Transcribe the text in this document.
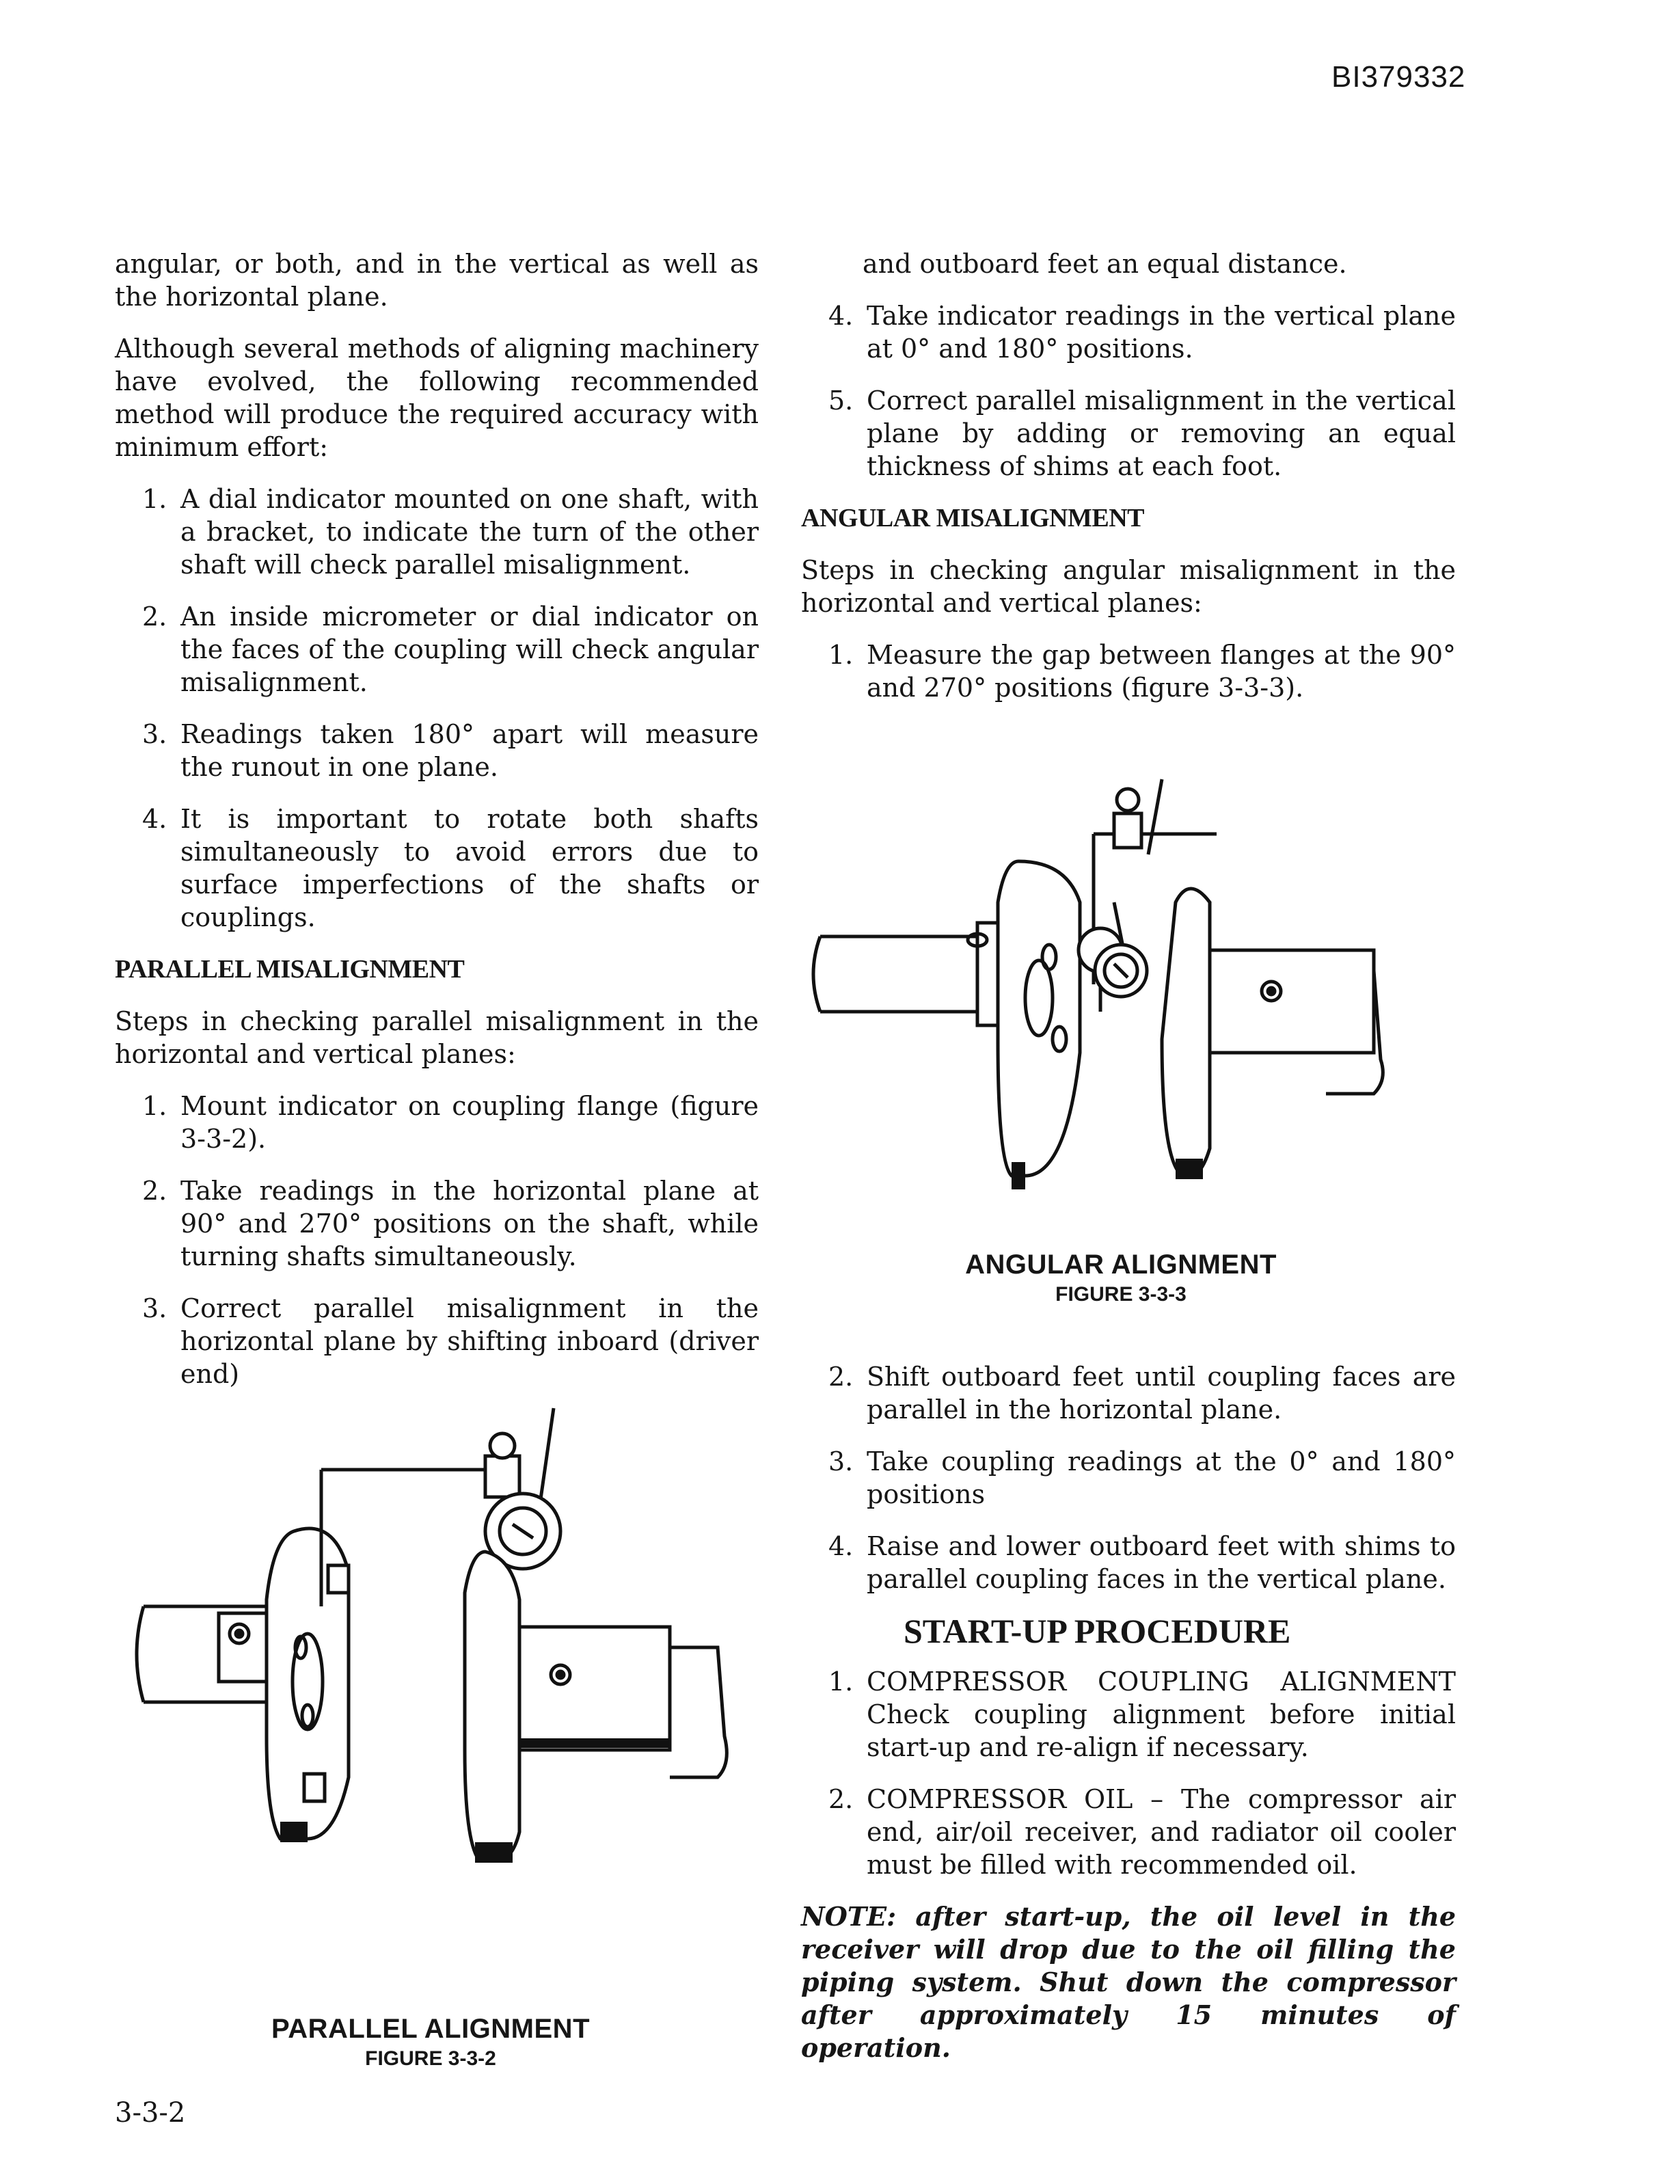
BI379332

angular, or both, and in the vertical as well as the horizontal plane.

Although several methods of aligning machinery have evolved, the following recommended method will produce the required accuracy with minimum effort:

1. A dial indicator mounted on one shaft, with a bracket, to indicate the turn of the other shaft will check parallel misalignment.
2. An inside micrometer or dial indicator on the faces of the coupling will check angular misalignment.
3. Readings taken 180° apart will measure the runout in one plane.
4. It is important to rotate both shafts simultaneously to avoid errors due to surface imperfections of the shafts or couplings.
PARALLEL MISALIGNMENT

Steps in checking parallel misalignment in the horizontal and vertical planes:

1. Mount indicator on coupling flange (figure 3-3-2).
2. Take readings in the horizontal plane at 90° and 270° positions on the shaft, while turning shafts simultaneously.
3. Correct parallel misalignment in the horizontal plane by shifting inboard (driver end)

and outboard feet an equal distance.

4. Take indicator readings in the vertical plane at 0° and 180° positions.
5. Correct parallel misalignment in the vertical plane by adding or removing an equal thickness of shims at each foot.
ANGULAR MISALIGNMENT

Steps in checking angular misalignment in the horizontal and vertical planes:

1. Measure the gap between flanges at the 90° and 270° positions (figure 3-3-3).
ANGULAR ALIGNMENT
FIGURE 3-3-3
2. Shift outboard feet until coupling faces are parallel in the horizontal plane.
3. Take coupling readings at the 0° and 180° positions
4. Raise and lower outboard feet with shims to parallel coupling faces in the vertical plane.
START-UP PROCEDURE
1. COMPRESSOR COUPLING ALIGNMENT Check coupling alignment before initial start-up and re-align if necessary.
2. COMPRESSOR OIL – The compressor air end, air/oil receiver, and radiator oil cooler must be filled with recommended oil.

NOTE: after start-up, the oil level in the receiver will drop due to the oil filling the piping system. Shut down the compressor after approximately 15 minutes of operation.

PARALLEL ALIGNMENT
FIGURE 3-3-2
3-3-2
